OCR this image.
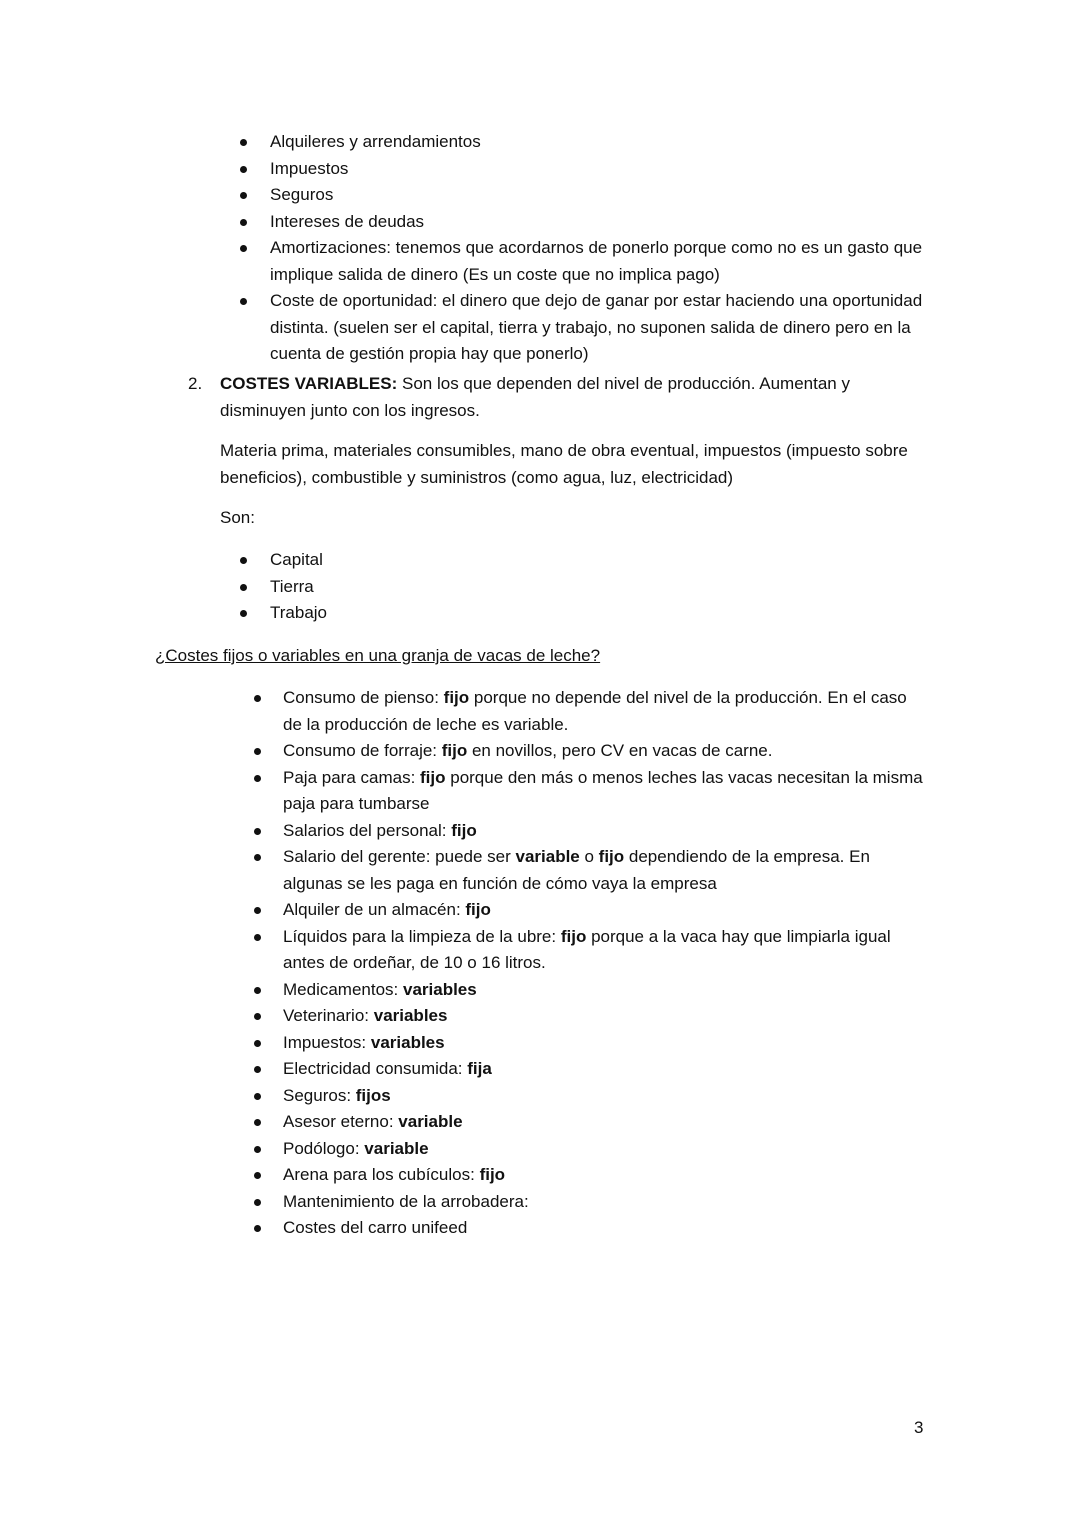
Alquileres y arrendamientos
Impuestos
Seguros
Intereses de deudas
Amortizaciones: tenemos que acordarnos de ponerlo porque como no es un gasto que implique salida de dinero (Es un coste que no implica pago)
Coste de oportunidad: el dinero que dejo de ganar por estar haciendo una oportunidad distinta. (suelen ser el capital, tierra y trabajo, no suponen salida de dinero pero en la cuenta de gestión propia hay que ponerlo)
2. COSTES VARIABLES: Son los que dependen del nivel de producción. Aumentan y disminuyen junto con los ingresos.
Materia prima, materiales consumibles, mano de obra eventual, impuestos (impuesto sobre beneficios), combustible y suministros (como agua, luz, electricidad)
Son:
Capital
Tierra
Trabajo
¿Costes fijos o variables en una granja de vacas de leche?
Consumo de pienso: fijo porque no depende del nivel de la producción. En el caso de la producción de leche es variable.
Consumo de forraje: fijo en novillos, pero CV en vacas de carne.
Paja para camas: fijo porque den más o menos leches las vacas necesitan la misma paja para tumbarse
Salarios del personal: fijo
Salario del gerente: puede ser variable o fijo dependiendo de la empresa. En algunas se les paga en función de cómo vaya la empresa
Alquiler de un almacén: fijo
Líquidos para la limpieza de la ubre: fijo porque a la vaca hay que limpiarla igual antes de ordeñar, de 10 o 16 litros.
Medicamentos: variables
Veterinario: variables
Impuestos: variables
Electricidad consumida: fija
Seguros: fijos
Asesor eterno: variable
Podólogo: variable
Arena para los cubículos: fijo
Mantenimiento de la arrobadera:
Costes del carro unifeed
3
